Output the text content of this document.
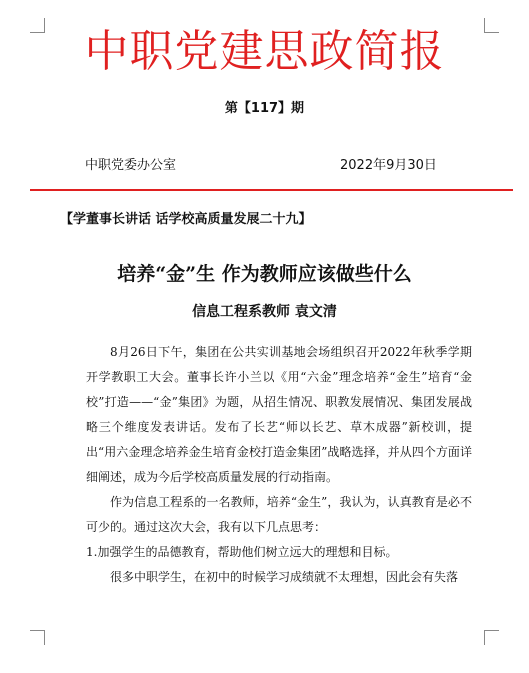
中职党建思政简报
第【117】期
中职党委办公室	2022年9月30日
【学董事长讲话 话学校高质量发展二十九】
培养“金”生 作为教师应该做些什么
信息工程系教师 袁文清

8月26日下午，集团在公共实训基地会场组织召开2022年秋季学期开学教职工大会。董事长许小兰以《用“六金”理念培养“金生”培育“金校”打造——“金”集团》为题，从招生情况、职教发展情况、集团发展战略三个维度发表讲话。发布了长艺“师以长艺、草木成器”新校训，提出“用六金理念培养金生培育金校打造金集团”战略选择，并从四个方面详细阐述，成为今后学校高质量发展的行动指南。

作为信息工程系的一名教师，培养“金生”，我认为，认真教育是必不可少的。通过这次大会，我有以下几点思考：

1.加强学生的品德教育，帮助他们树立远大的理想和目标。

很多中职学生，在初中的时候学习成绩就不太理想，因此会有失落
